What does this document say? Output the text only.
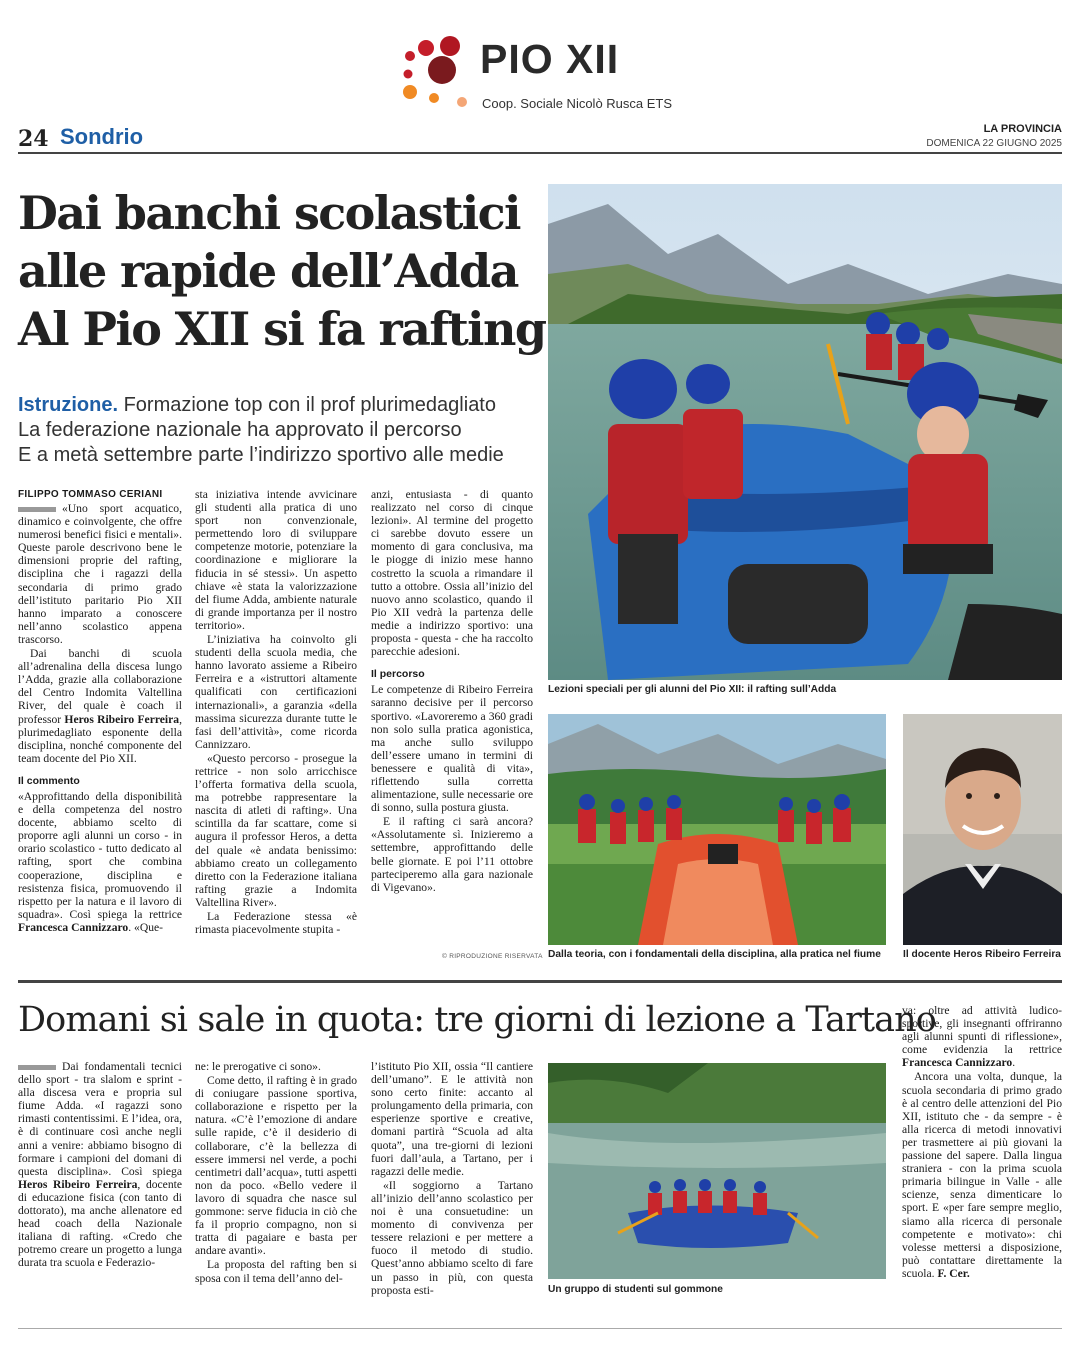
PIO XII
Coop. Sociale Nicolò Rusca ETS
24 Sondrio	LA PROVINCIA
DOMENICA 22 GIUGNO 2025
Dai banchi scolastici
alle rapide dell’Adda
Al Pio XII si fa rafting
Istruzione. Formazione top con il prof plurimedagliato
La federazione nazionale ha approvato il percorso
E a metà settembre parte l’indirizzo sportivo alle medie
FILIPPO TOMMASO CERIANI

«Uno sport acquatico, dinamico e coinvolgente, che offre numerosi benefici fisici e mentali». Queste parole descrivono bene le dimensioni proprie del rafting, disciplina che i ragazzi della secondaria di primo grado dell’istituto paritario Pio XII hanno imparato a conoscere nell’anno scolastico appena trascorso.

Dai banchi di scuola all’adrenalina della discesa lungo l’Adda, grazie alla collaborazione del Centro Indomita Valtellina River, del quale è coach il professor Heros Ribeiro Ferreira, plurimedagliato esponente della disciplina, nonché componente del team docente del Pio XII.

Il commento

«Approfittando della disponibilità e della competenza del nostro docente, abbiamo scelto di proporre agli alunni un corso - in orario scolastico - tutto dedicato al rafting, sport che combina cooperazione, disciplina e resistenza fisica, promuovendo il rispetto per la natura e il lavoro di squadra». Così spiega la rettrice Francesca Cannizzaro. «Que-

sta iniziativa intende avvicinare gli studenti alla pratica di uno sport non convenzionale, permettendo loro di sviluppare competenze motorie, potenziare la coordinazione e migliorare la fiducia in sé stessi». Un aspetto chiave «è stata la valorizzazione del fiume Adda, ambiente naturale di grande importanza per il nostro territorio».

L’iniziativa ha coinvolto gli studenti della scuola media, che hanno lavorato assieme a Ribeiro Ferreira e a «istruttori altamente qualificati con certificazioni internazionali», a garanzia «della massima sicurezza durante tutte le fasi dell’attività», come ricorda Cannizzaro.

«Questo percorso - prosegue la rettrice - non solo arricchisce l’offerta formativa della scuola, ma potrebbe rappresentare la nascita di atleti di rafting». Una scintilla da far scattare, come si augura il professor Heros, a detta del quale «è andata benissimo: abbiamo creato un collegamento diretto con la Federazione italiana rafting grazie a Indomita Valtellina River».

La Federazione stessa «è rimasta piacevolmente stupita -

anzi, entusiasta - di quanto realizzato nel corso di cinque lezioni». Al termine del progetto ci sarebbe dovuto essere un momento di gara conclusiva, ma le piogge di inizio mese hanno costretto la scuola a rimandare il tutto a ottobre. Ossia all’inizio del nuovo anno scolastico, quando il Pio XII vedrà la partenza delle medie a indirizzo sportivo: una proposta - questa - che ha raccolto parecchie adesioni.

Il percorso

Le competenze di Ribeiro Ferreira saranno decisive per il percorso sportivo. «Lavoreremo a 360 gradi non solo sulla pratica agonistica, ma anche sullo sviluppo dell’essere umano in termini di benessere e qualità di vita», riflettendo sulla corretta alimentazione, sulle necessarie ore di sonno, sulla postura giusta.

E il rafting ci sarà ancora? «Assolutamente sì. Inizieremo a settembre, approfittando delle belle giornate. E poi l’11 ottobre parteciperemo alla gara nazionale di Vigevano».

© RIPRODUZIONE RISERVATA
Lezioni speciali per gli alunni del Pio XII: il rafting sull’Adda
Dalla teoria, con i fondamentali della disciplina, alla pratica nel fiume Il docente Heros Ribeiro Ferreira
Domani si sale in quota: tre giorni di lezione a Tartano

Dai fondamentali tecnici dello sport - tra slalom e sprint - alla discesa vera e propria sul fiume Adda. «I ragazzi sono rimasti contentissimi. E l’idea, ora, è di continuare così anche negli anni a venire: abbiamo bisogno di formare i campioni del domani di questa disciplina». Così spiega Heros Ribeiro Ferreira, docente di educazione fisica (con tanto di dottorato), ma anche allenatore ed head coach della Nazionale italiana di rafting. «Credo che potremo creare un progetto a lunga durata tra scuola e Federazio-

ne: le prerogative ci sono».

Come detto, il rafting è in grado di coniugare passione sportiva, collaborazione e rispetto per la natura. «C’è l’emozione di andare sulle rapide, c’è il desiderio di collaborare, c’è la bellezza di essere immersi nel verde, a pochi centimetri dall’acqua», tutti aspetti non da poco. «Bello vedere il lavoro di squadra che nasce sul gommone: serve fiducia in ciò che fa il proprio compagno, non si tratta di pagaiare e basta per andare avanti».

La proposta del rafting ben si sposa con il tema dell’anno del-

l’istituto Pio XII, ossia “Il cantiere dell’umano”. E le attività non sono certo finite: accanto al prolungamento della primaria, con esperienze sportive e creative, domani partirà “Scuola ad alta quota”, una tre-giorni di lezioni fuori dall’aula, a Tartano, per i ragazzi delle medie.

«Il soggiorno a Tartano all’inizio dell’anno scolastico per noi è una consuetudine: un momento di convivenza per tessere relazioni e per mettere a fuoco il metodo di studio. Quest’anno abbiamo scelto di fare un passo in più, con questa proposta esti-	Un gruppo di studenti sul gommone

va: oltre ad attività ludico-sportive, gli insegnanti offriranno agli alunni spunti di riflessione», come evidenzia la rettrice Francesca Cannizzaro.

Ancora una volta, dunque, la scuola secondaria di primo grado è al centro delle attenzioni del Pio XII, istituto che - da sempre - è alla ricerca di metodi innovativi per trasmettere ai più giovani la passione del sapere. Dalla lingua straniera - con la prima scuola primaria bilingue in Valle - alle scienze, senza dimenticare lo sport. E «per fare sempre meglio, siamo alla ricerca di personale competente e motivato»: chi volesse mettersi a disposizione, può contattare direttamente la scuola. F. Cer.
